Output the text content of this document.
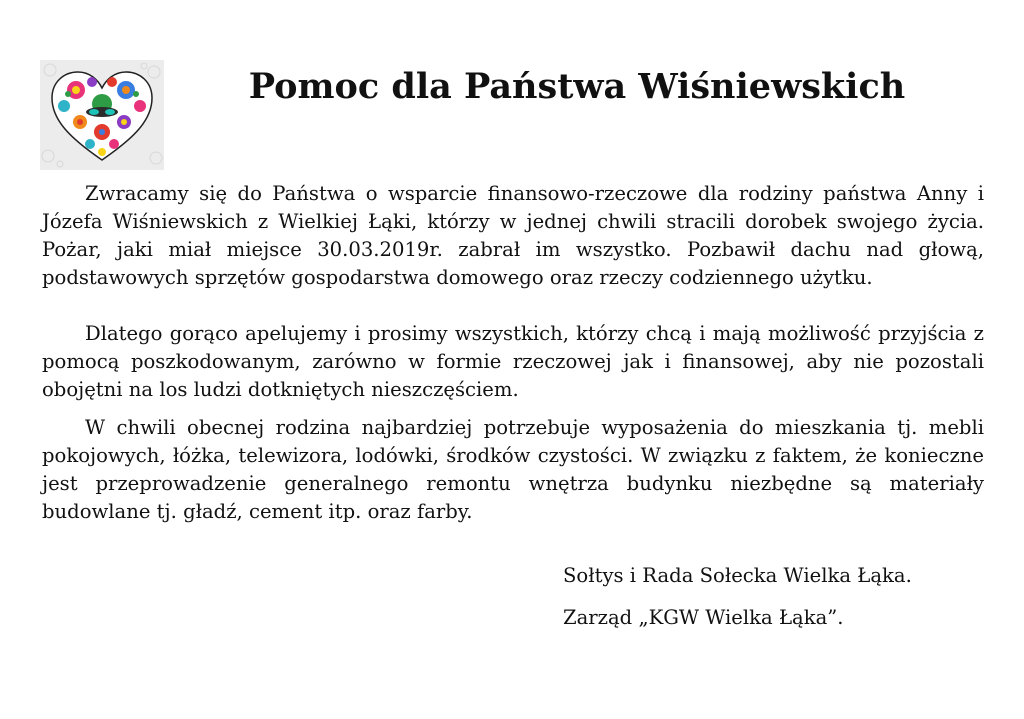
Pomoc dla Państwa Wiśniewskich

Zwracamy się do Państwa o wsparcie finansowo-rzeczowe dla rodziny państwa Anny i Józefa Wiśniewskich z Wielkiej Łąki, którzy w jednej chwili stracili dorobek swojego życia. Pożar, jaki miał miejsce 30.03.2019r. zabrał im wszystko. Pozbawił dachu nad głową, podstawowych sprzętów gospodarstwa domowego oraz rzeczy codziennego użytku.

Dlatego gorąco apelujemy i prosimy wszystkich, którzy chcą i mają możliwość przyjścia z pomocą poszkodowanym, zarówno w formie rzeczowej jak i finansowej, aby nie pozostali obojętni na los ludzi dotkniętych nieszczęściem.

W chwili obecnej rodzina najbardziej potrzebuje wyposażenia do mieszkania tj. mebli pokojowych, łóżka, telewizora, lodówki, środków czystości. W związku z faktem, że konieczne jest przeprowadzenie generalnego remontu wnętrza budynku niezbędne są materiały budowlane tj. gładź, cement itp. oraz farby.

Sołtys i Rada Sołecka Wielka Łąka.
Zarząd „KGW Wielka Łąka”.
